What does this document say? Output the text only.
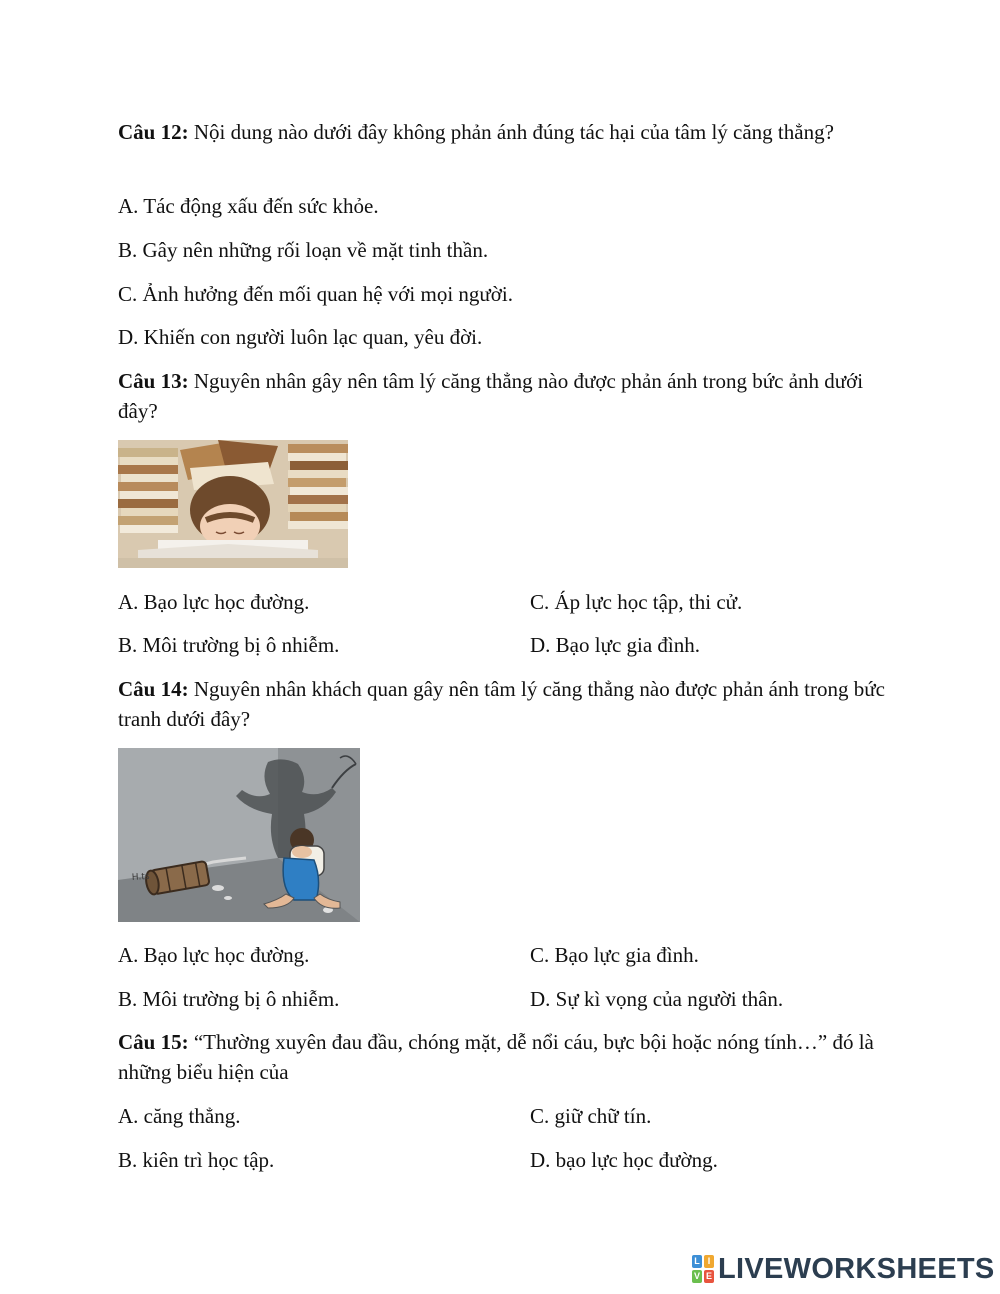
Câu 12: Nội dung nào dưới đây không phản ánh đúng tác hại của tâm lý căng thẳng?
A. Tác động xấu đến sức khỏe.
B. Gây nên những rối loạn về mặt tinh thần.
C. Ảnh hưởng đến mối quan hệ với mọi người.
D. Khiến con người luôn lạc quan, yêu đời.
Câu 13: Nguyên nhân gây nên tâm lý căng thẳng nào được phản ánh trong bức ảnh dưới đây?
A. Bạo lực học đường.	C. Áp lực học tập, thi cử.
B. Môi trường bị ô nhiễm.	D. Bạo lực gia đình.
Câu 14: Nguyên nhân khách quan gây nên tâm lý căng thẳng nào được phản ánh trong bức tranh dưới đây?
H.ts
A. Bạo lực học đường.	C. Bạo lực gia đình.
B. Môi trường bị ô nhiễm.	D. Sự kì vọng của người thân.
Câu 15: “Thường xuyên đau đầu, chóng mặt, dễ nổi cáu, bực bội hoặc nóng tính…” đó là những biểu hiện của
A. căng thẳng.	C. giữ chữ tín.
B. kiên trì học tập.	D. bạo lực học đường.
L I
V E LIVEWORKSHEETS
